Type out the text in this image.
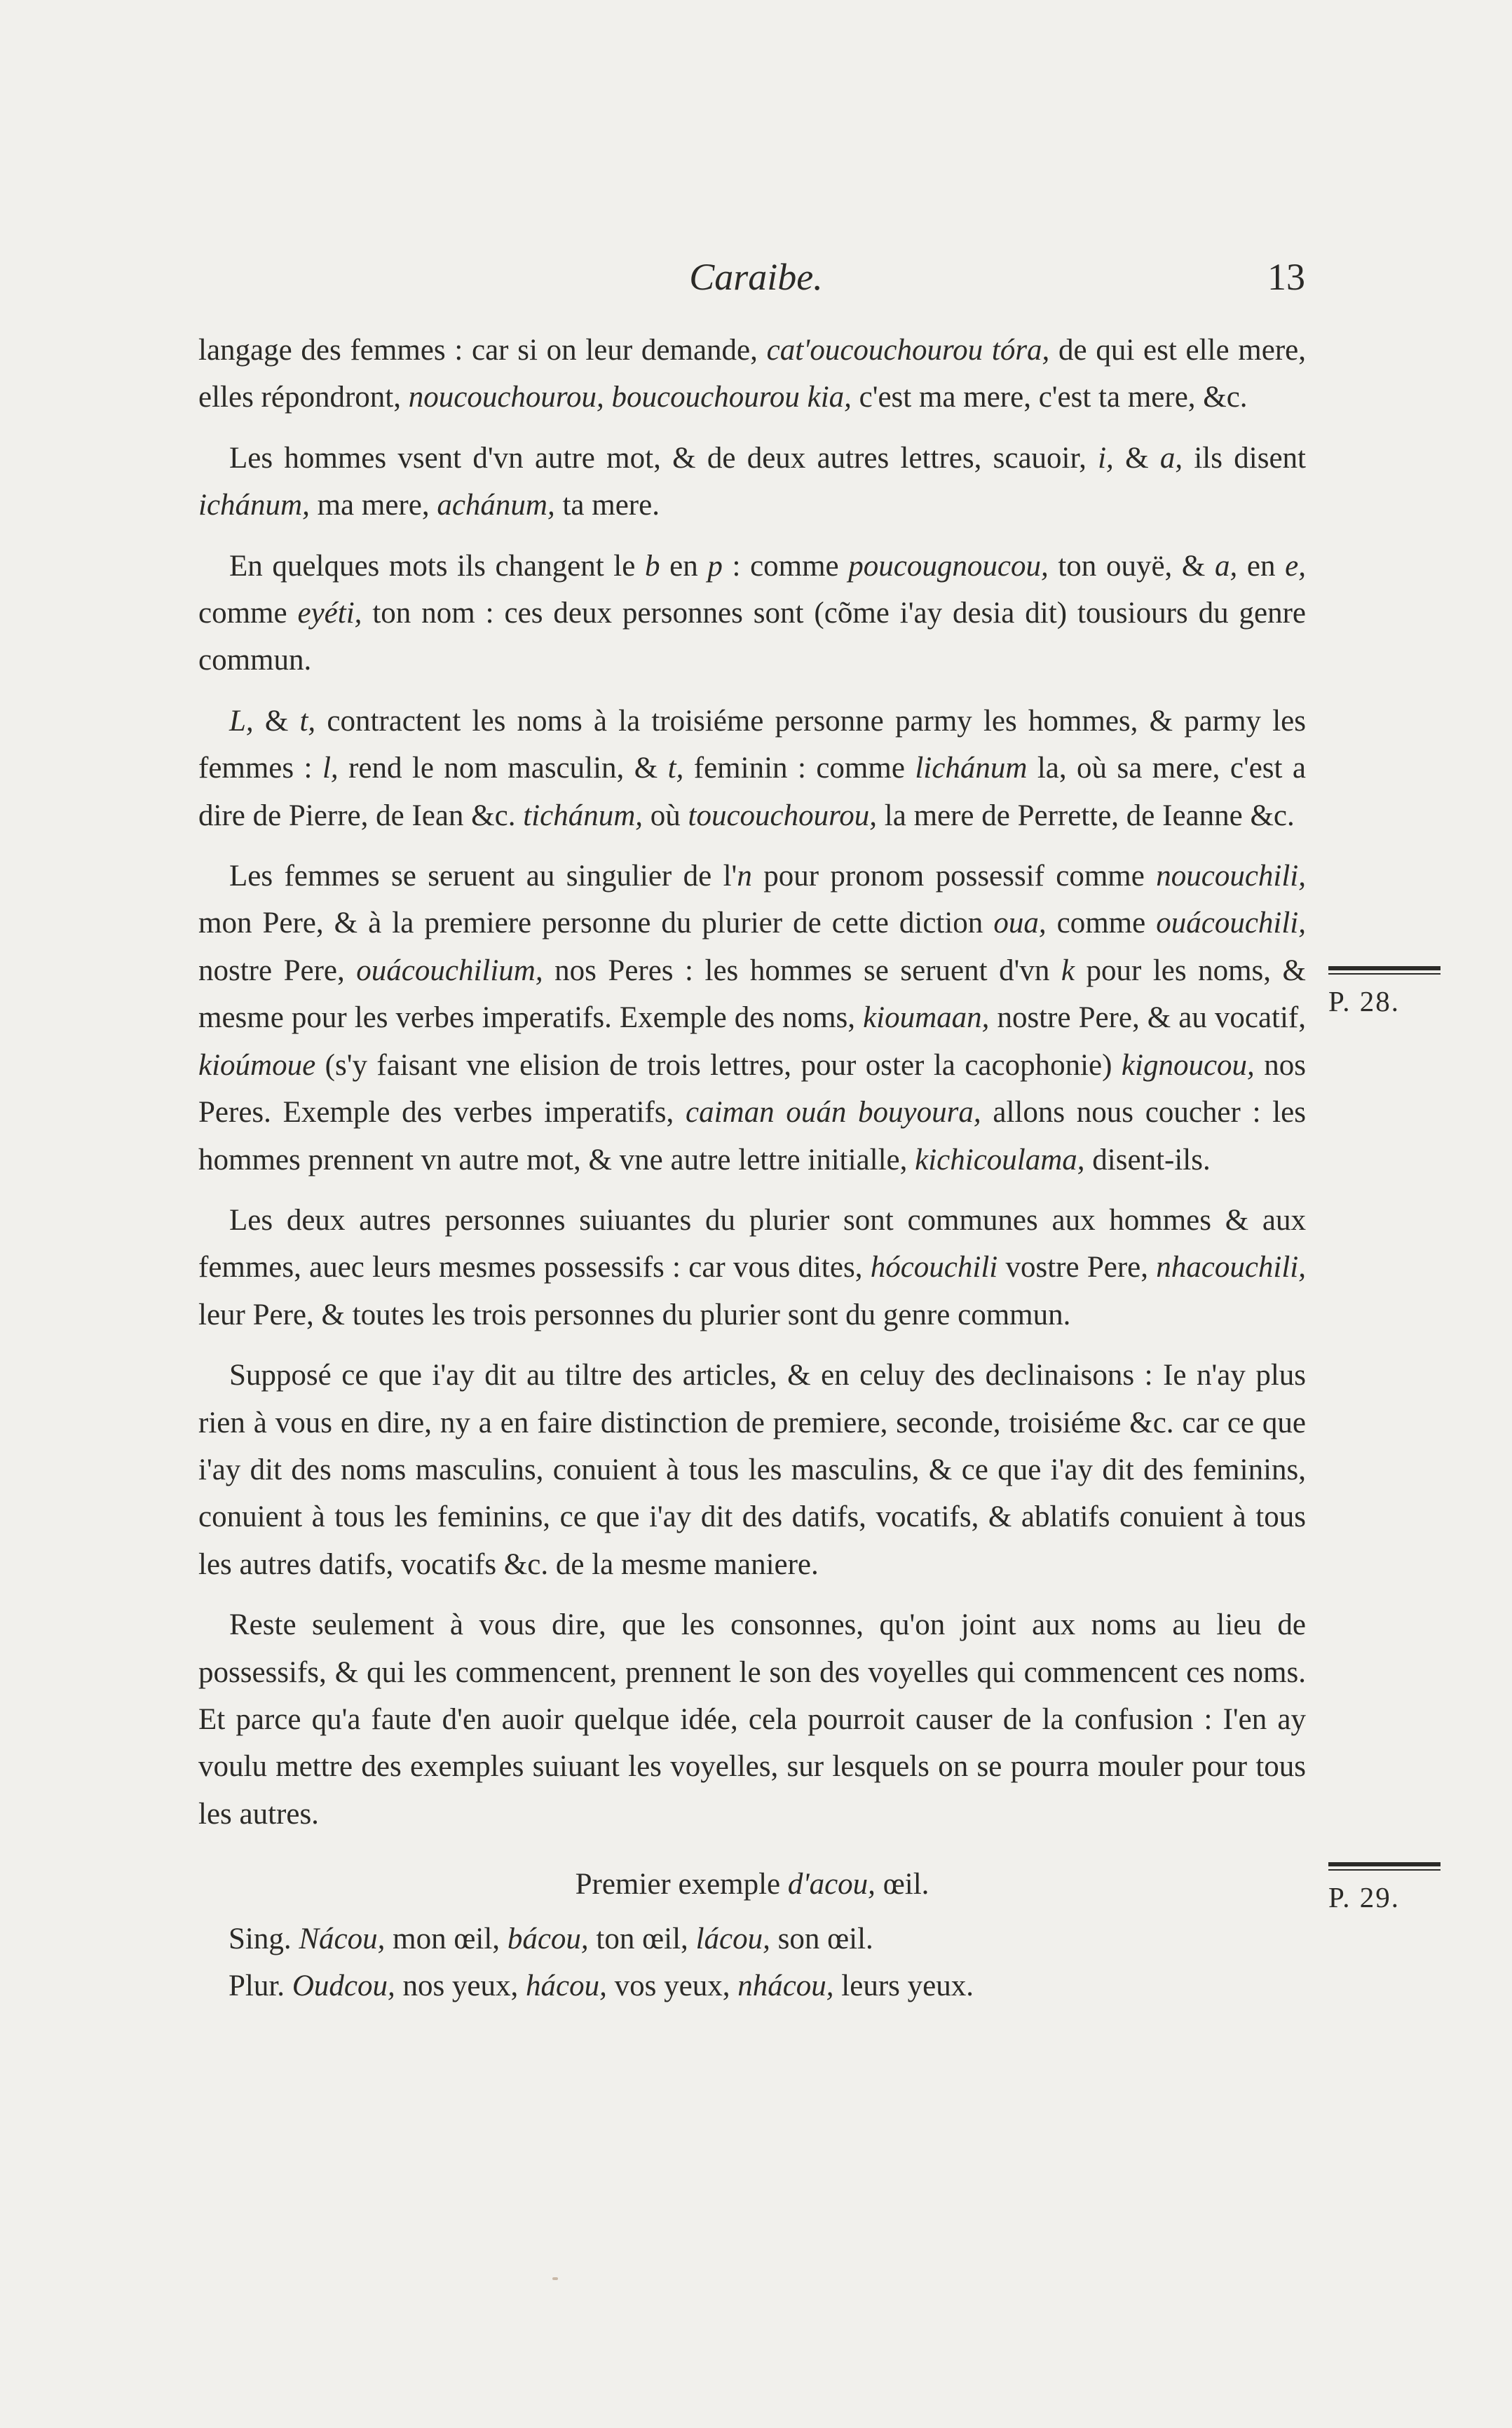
Caraibe.	13

langage des femmes : car si on leur demande, cat'oucouchourou tóra, de qui est elle mere, elles répondront, noucouchourou, boucouchourou kia, c'est ma mere, c'est ta mere, &c.

Les hommes vsent d'vn autre mot, & de deux autres lettres, scauoir, i, & a, ils disent ichánum, ma mere, achánum, ta mere.

En quelques mots ils changent le b en p : comme poucougnoucou, ton ouyë, & a, en e, comme eyéti, ton nom : ces deux personnes sont (cõme i'ay desia dit) tousiours du genre commun.

L, & t, contractent les noms à la troisiéme personne parmy les hommes, & parmy les femmes : l, rend le nom masculin, & t, feminin : comme lichánum la, où sa mere, c'est a dire de Pierre, de Iean &c. tichánum, où toucouchourou, la mere de Perrette, de Ieanne &c.

Les femmes se seruent au singulier de l'n pour pronom possessif comme noucouchili, mon Pere, & à la premiere personne du plurier de cette diction oua, comme ouácouchili, nostre Pere, ouácouchilium, nos Peres : les hommes se seruent d'vn k pour les noms, & mesme pour les verbes imperatifs. Exemple des noms, kioumaan, nostre Pere, & au vocatif, kioúmoue (s'y faisant vne elision de trois lettres, pour oster la cacophonie) kignoucou, nos Peres. Exemple des verbes imperatifs, caiman ouán bouyoura, allons nous coucher : les hommes prennent vn autre mot, & vne autre lettre initialle, kichicoulama, disent-ils.

Les deux autres personnes suiuantes du plurier sont communes aux hommes & aux femmes, auec leurs mesmes possessifs : car vous dites, hócouchili vostre Pere, nhacouchili, leur Pere, & toutes les trois personnes du plurier sont du genre commun.

Supposé ce que i'ay dit au tiltre des articles, & en celuy des declinaisons : Ie n'ay plus rien à vous en dire, ny a en faire distinction de premiere, seconde, troisiéme &c. car ce que i'ay dit des noms masculins, conuient à tous les masculins, & ce que i'ay dit des feminins, conuient à tous les feminins, ce que i'ay dit des datifs, vocatifs, & ablatifs conuient à tous les autres datifs, vocatifs &c. de la mesme maniere.

Reste seulement à vous dire, que les consonnes, qu'on joint aux noms au lieu de possessifs, & qui les commencent, prennent le son des voyelles qui commencent ces noms. Et parce qu'a faute d'en auoir quelque idée, cela pourroit causer de la confusion : I'en ay voulu mettre des exemples suiuant les voyelles, sur lesquels on se pourra mouler pour tous les autres.

Premier exemple d'acou, œil.

Sing. Nácou, mon œil, bácou, ton œil, lácou, son œil.

Plur. Oudcou, nos yeux, hácou, vos yeux, nhácou, leurs yeux.

P. 28.
P. 29.
